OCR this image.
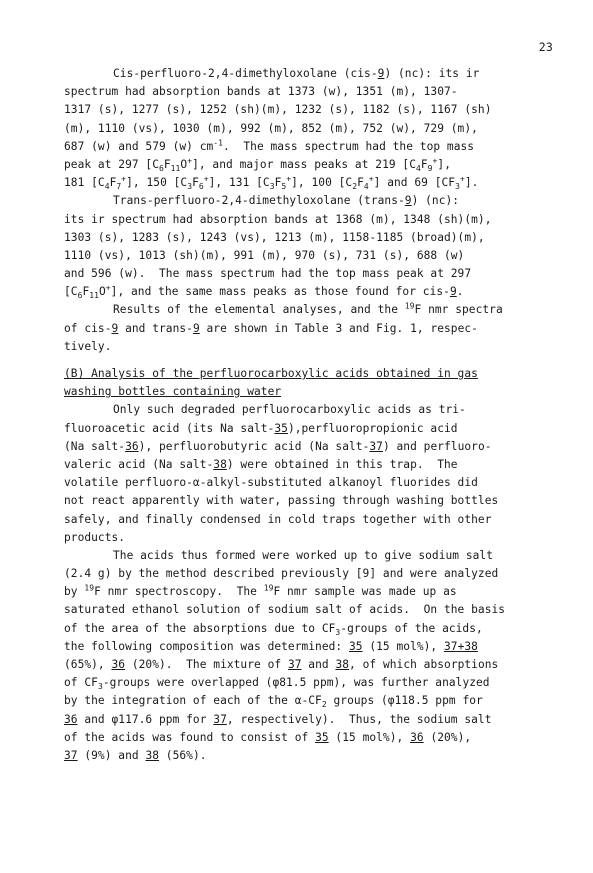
23
Cis-perfluoro-2,4-dimethyloxolane (cis-9) (nc): its ir
spectrum had absorption bands at 1373 (w), 1351 (m), 1307-
1317 (s), 1277 (s), 1252 (sh)(m), 1232 (s), 1182 (s), 1167 (sh)
(m), 1110 (vs), 1030 (m), 992 (m), 852 (m), 752 (w), 729 (m),
687 (w) and 579 (w) $cm^{-1}$.  The mass spectrum had the top mass
peak at 297 $[C_6F_{11}O^+]$, and major mass peaks at 219 $[C_4F_9^+]$,
181 $[C_4F_7^+]$, 150 $[C_3F_6^+]$, 131 $[C_3F_5^+]$, 100 $[C_2F_4^+]$ and 69 $[CF_3^+]$.
Trans-perfluoro-2,4-dimethyloxolane (trans-9) (nc):
its ir spectrum had absorption bands at 1368 (m), 1348 (sh)(m),
1303 (s), 1283 (s), 1243 (vs), 1213 (m), 1158-1185 (broad)(m),
1110 (vs), 1013 (sh)(m), 991 (m), 970 (s), 731 (s), 688 (w)
and 596 (w).  The mass spectrum had the top mass peak at 297
$[C_6F_{11}O^+]$, and the same mass peaks as those found for cis-9.
Results of the elemental analyses, and the $^{19}$F nmr spectra
of cis-9 and trans-9 are shown in Table 3 and Fig. 1, respec-
tively.
(B) Analysis of the perfluorocarboxylic acids obtained in gas
washing bottles containing water
Only such degraded perfluorocarboxylic acids as tri-
fluoroacetic acid (its Na salt-35),perfluoropropionic acid
(Na salt-36), perfluorobutyric acid (Na salt-37) and perfluoro-
valeric acid (Na salt-38) were obtained in this trap.  The
volatile perfluoro-α-alkyl-substituted alkanoyl fluorides did
not react apparently with water, passing through washing bottles
safely, and finally condensed in cold traps together with other
products.
The acids thus formed were worked up to give sodium salt
(2.4 g) by the method described previously [9] and were analyzed
by $^{19}$F nmr spectroscopy.  The $^{19}$F nmr sample was made up as
saturated ethanol solution of sodium salt of acids.  On the basis
of the area of the absorptions due to $CF_3$-groups of the acids,
the following composition was determined: 35 (15 mol%), 37+38
(65%), 36 (20%).  The mixture of 37 and 38, of which absorptions
of $CF_3$-groups were overlapped (φ81.5 ppm), was further analyzed
by the integration of each of the $\alpha-CF_2$ groups (φ118.5 ppm for
36 and φ117.6 ppm for 37, respectively).  Thus, the sodium salt
of the acids was found to consist of 35 (15 mol%), 36 (20%),
37 (9%) and 38 (56%).
